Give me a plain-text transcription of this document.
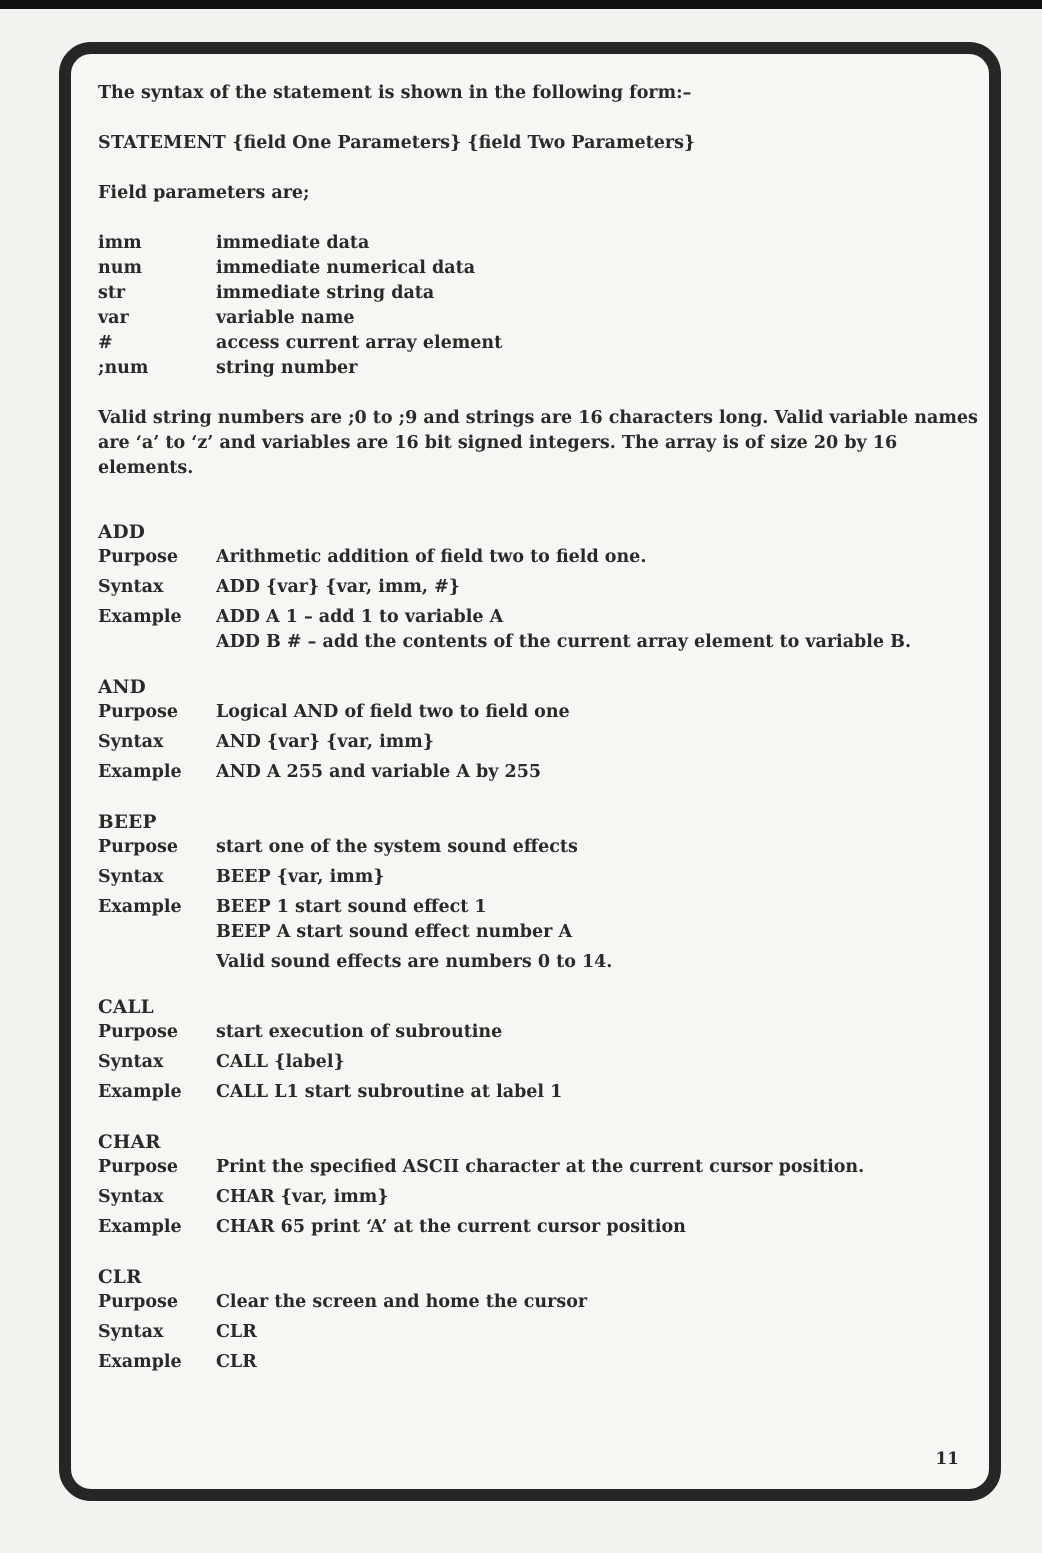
The syntax of the statement is shown in the following form:–

STATEMENT {field One Parameters} {field Two Parameters}

Field parameters are;

imm	immediate data
num	immediate numerical data
str	immediate string data
var	variable name
#	access current array element
;num	string number

Valid string numbers are ;0 to ;9 and strings are 16 characters long. Valid variable names are ‘a’ to ‘z’ and variables are 16 bit signed integers. The array is of size 20 by 16 elements.

ADD
Purpose	Arithmetic addition of field two to field one.
Syntax	ADD {var} {var, imm, #}
Example	ADD A 1 – add 1 to variable A
ADD B # – add the contents of the current array element to variable B.
AND
Purpose	Logical AND of field two to field one
Syntax	AND {var} {var, imm}
Example	AND A 255 and variable A by 255
BEEP
Purpose	start one of the system sound effects
Syntax	BEEP {var, imm}
Example	BEEP 1 start sound effect 1
BEEP A start sound effect number A
Valid sound effects are numbers 0 to 14.
CALL
Purpose	start execution of subroutine
Syntax	CALL {label}
Example	CALL L1 start subroutine at label 1
CHAR
Purpose	Print the specified ASCII character at the current cursor position.
Syntax	CHAR {var, imm}
Example	CHAR 65 print ‘A’ at the current cursor position
CLR
Purpose	Clear the screen and home the cursor
Syntax	CLR
Example	CLR
11
